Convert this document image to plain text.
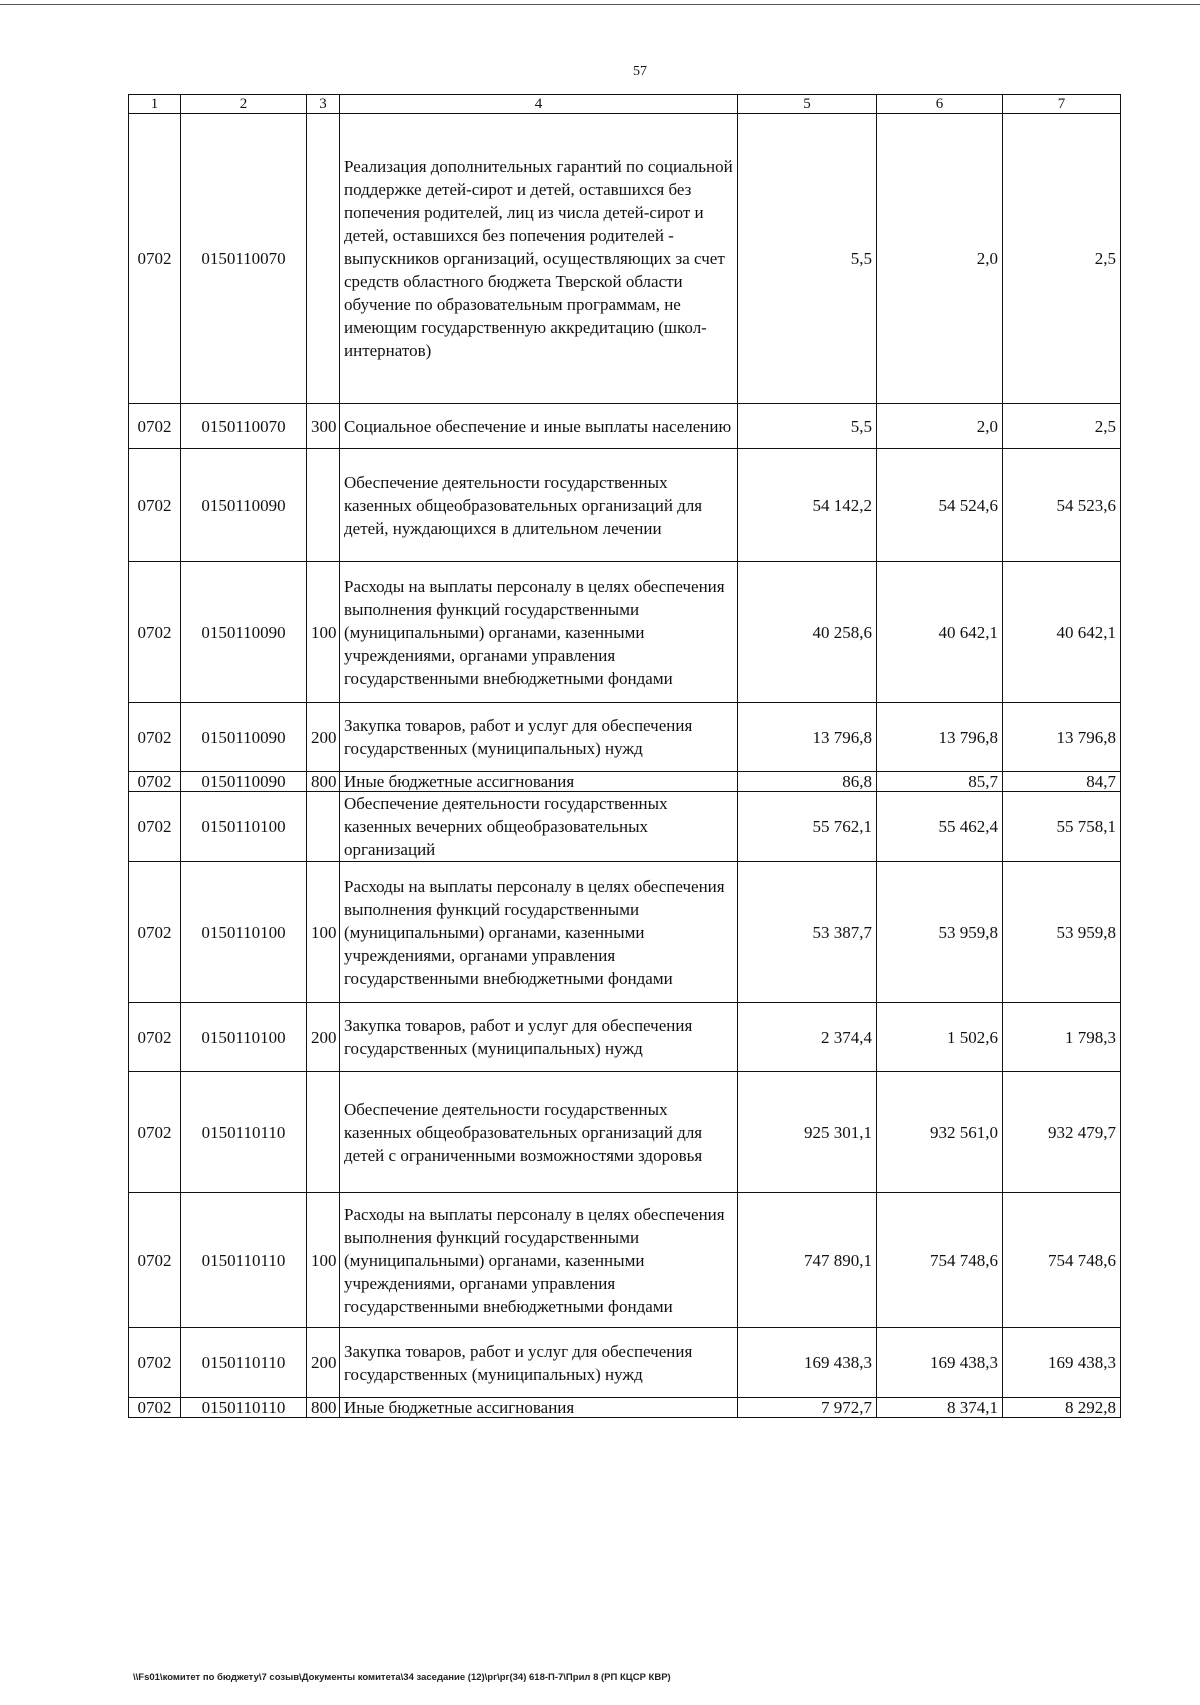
57
1	2	3	4	5	6	7
0702	0150110070		Реализация дополнительных гарантий по социальной поддержке детей-сирот и детей, оставшихся без попечения родителей, лиц из числа детей-сирот и детей, оставшихся без попечения родителей - выпускников организаций, осуществляющих за счет средств областного бюджета Тверской области обучение по образовательным программам, не имеющим государственную аккредитацию (школ-интернатов)	5,5	2,0	2,5
0702	0150110070	300	Социальное обеспечение и иные выплаты населению	5,5	2,0	2,5
0702	0150110090		Обеспечение деятельности государственных казенных общеобразовательных организаций для детей, нуждающихся в длительном лечении	54 142,2	54 524,6	54 523,6
0702	0150110090	100	Расходы на выплаты персоналу в целях обеспечения выполнения функций государственными (муниципальными) органами, казенными учреждениями, органами управления государственными внебюджетными фондами	40 258,6	40 642,1	40 642,1
0702	0150110090	200	Закупка товаров, работ и услуг для обеспечения государственных (муниципальных) нужд	13 796,8	13 796,8	13 796,8
0702	0150110090	800	Иные бюджетные ассигнования	86,8	85,7	84,7
0702	0150110100		Обеспечение деятельности государственных казенных вечерних общеобразовательных организаций	55 762,1	55 462,4	55 758,1
0702	0150110100	100	Расходы на выплаты персоналу в целях обеспечения выполнения функций государственными (муниципальными) органами, казенными учреждениями, органами управления государственными внебюджетными фондами	53 387,7	53 959,8	53 959,8
0702	0150110100	200	Закупка товаров, работ и услуг для обеспечения государственных (муниципальных) нужд	2 374,4	1 502,6	1 798,3
0702	0150110110		Обеспечение деятельности государственных казенных общеобразовательных организаций для детей с ограниченными возможностями здоровья	925 301,1	932 561,0	932 479,7
0702	0150110110	100	Расходы на выплаты персоналу в целях обеспечения выполнения функций государственными (муниципальными) органами, казенными учреждениями, органами управления государственными внебюджетными фондами	747 890,1	754 748,6	754 748,6
0702	0150110110	200	Закупка товаров, работ и услуг для обеспечения государственных (муниципальных) нужд	169 438,3	169 438,3	169 438,3
0702	0150110110	800	Иные бюджетные ассигнования	7 972,7	8 374,1	8 292,8
\\Fs01\комитет по бюджету\7 созыв\Документы комитета\34 заседание (12)\рг\рг(34) 618-П-7\Прил 8 (РП КЦСР КВР)
